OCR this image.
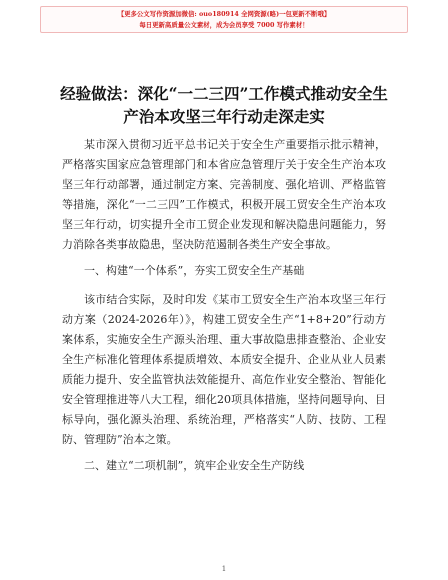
【更多公文写作资源加微信: ouo180914 全网资源(略)一包更新不断哦】
每日更新高质量公文素材，成为会员享受 7000 写作素材！
经验做法：深化“一二三四”工作模式推动安全生产治本攻坚三年行动走深走实

某市深入贯彻习近平总书记关于安全生产重要指示批示精神，严格落实国家应急管理部门和本省应急管理厅关于安全生产治本攻坚三年行动部署，通过制定方案、完善制度、强化培训、严格监管等措施，深化“一二三四”工作模式，积极开展工贸安全生产治本攻坚三年行动，切实提升全市工贸企业发现和解决隐患问题能力，努力消除各类事故隐患，坚决防范遏制各类生产安全事故。

一、构建“一个体系”，夯实工贸安全生产基础

该市结合实际，及时印发《某市工贸安全生产治本攻坚三年行动方案（2024-2026年）》，构建工贸安全生产“1+8+20”行动方案体系，实施安全生产源头治理、重大事故隐患排查整治、企业安全生产标准化管理体系提质增效、本质安全提升、企业从业人员素质能力提升、安全监管执法效能提升、高危作业安全整治、智能化安全管理推进等八大工程，细化20项具体措施，坚持问题导向、目标导向，强化源头治理、系统治理，严格落实“人防、技防、工程防、管理防”治本之策。

二、建立“二项机制”，筑牢企业安全生产防线

1
